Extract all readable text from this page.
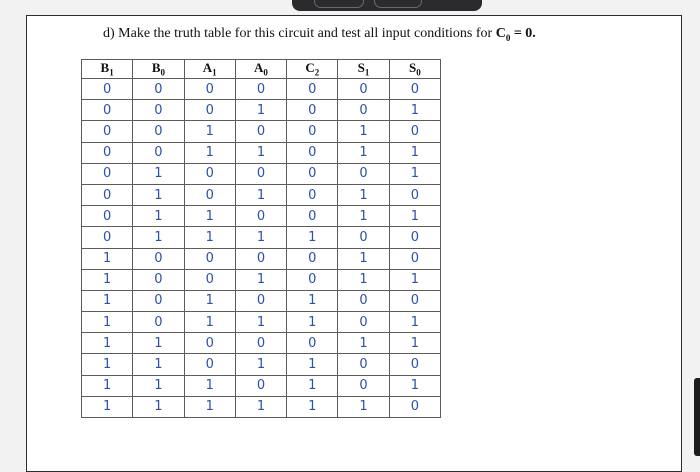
d) Make the truth table for this circuit and test all input conditions for $C_0 = 0$.
$B_1$	$B_0$	$A_1$	$A_0$	$C_2$	$S_1$	$S_0$
0	0	0	0	0	0	0
0	0	0	1	0	0	1
0	0	1	0	0	1	0
0	0	1	1	0	1	1
0	1	0	0	0	0	1
0	1	0	1	0	1	0
0	1	1	0	0	1	1
0	1	1	1	1	0	0
1	0	0	0	0	1	0
1	0	0	1	0	1	1
1	0	1	0	1	0	0
1	0	1	1	1	0	1
1	1	0	0	0	1	1
1	1	0	1	1	0	0
1	1	1	0	1	0	1
1	1	1	1	1	1	0
